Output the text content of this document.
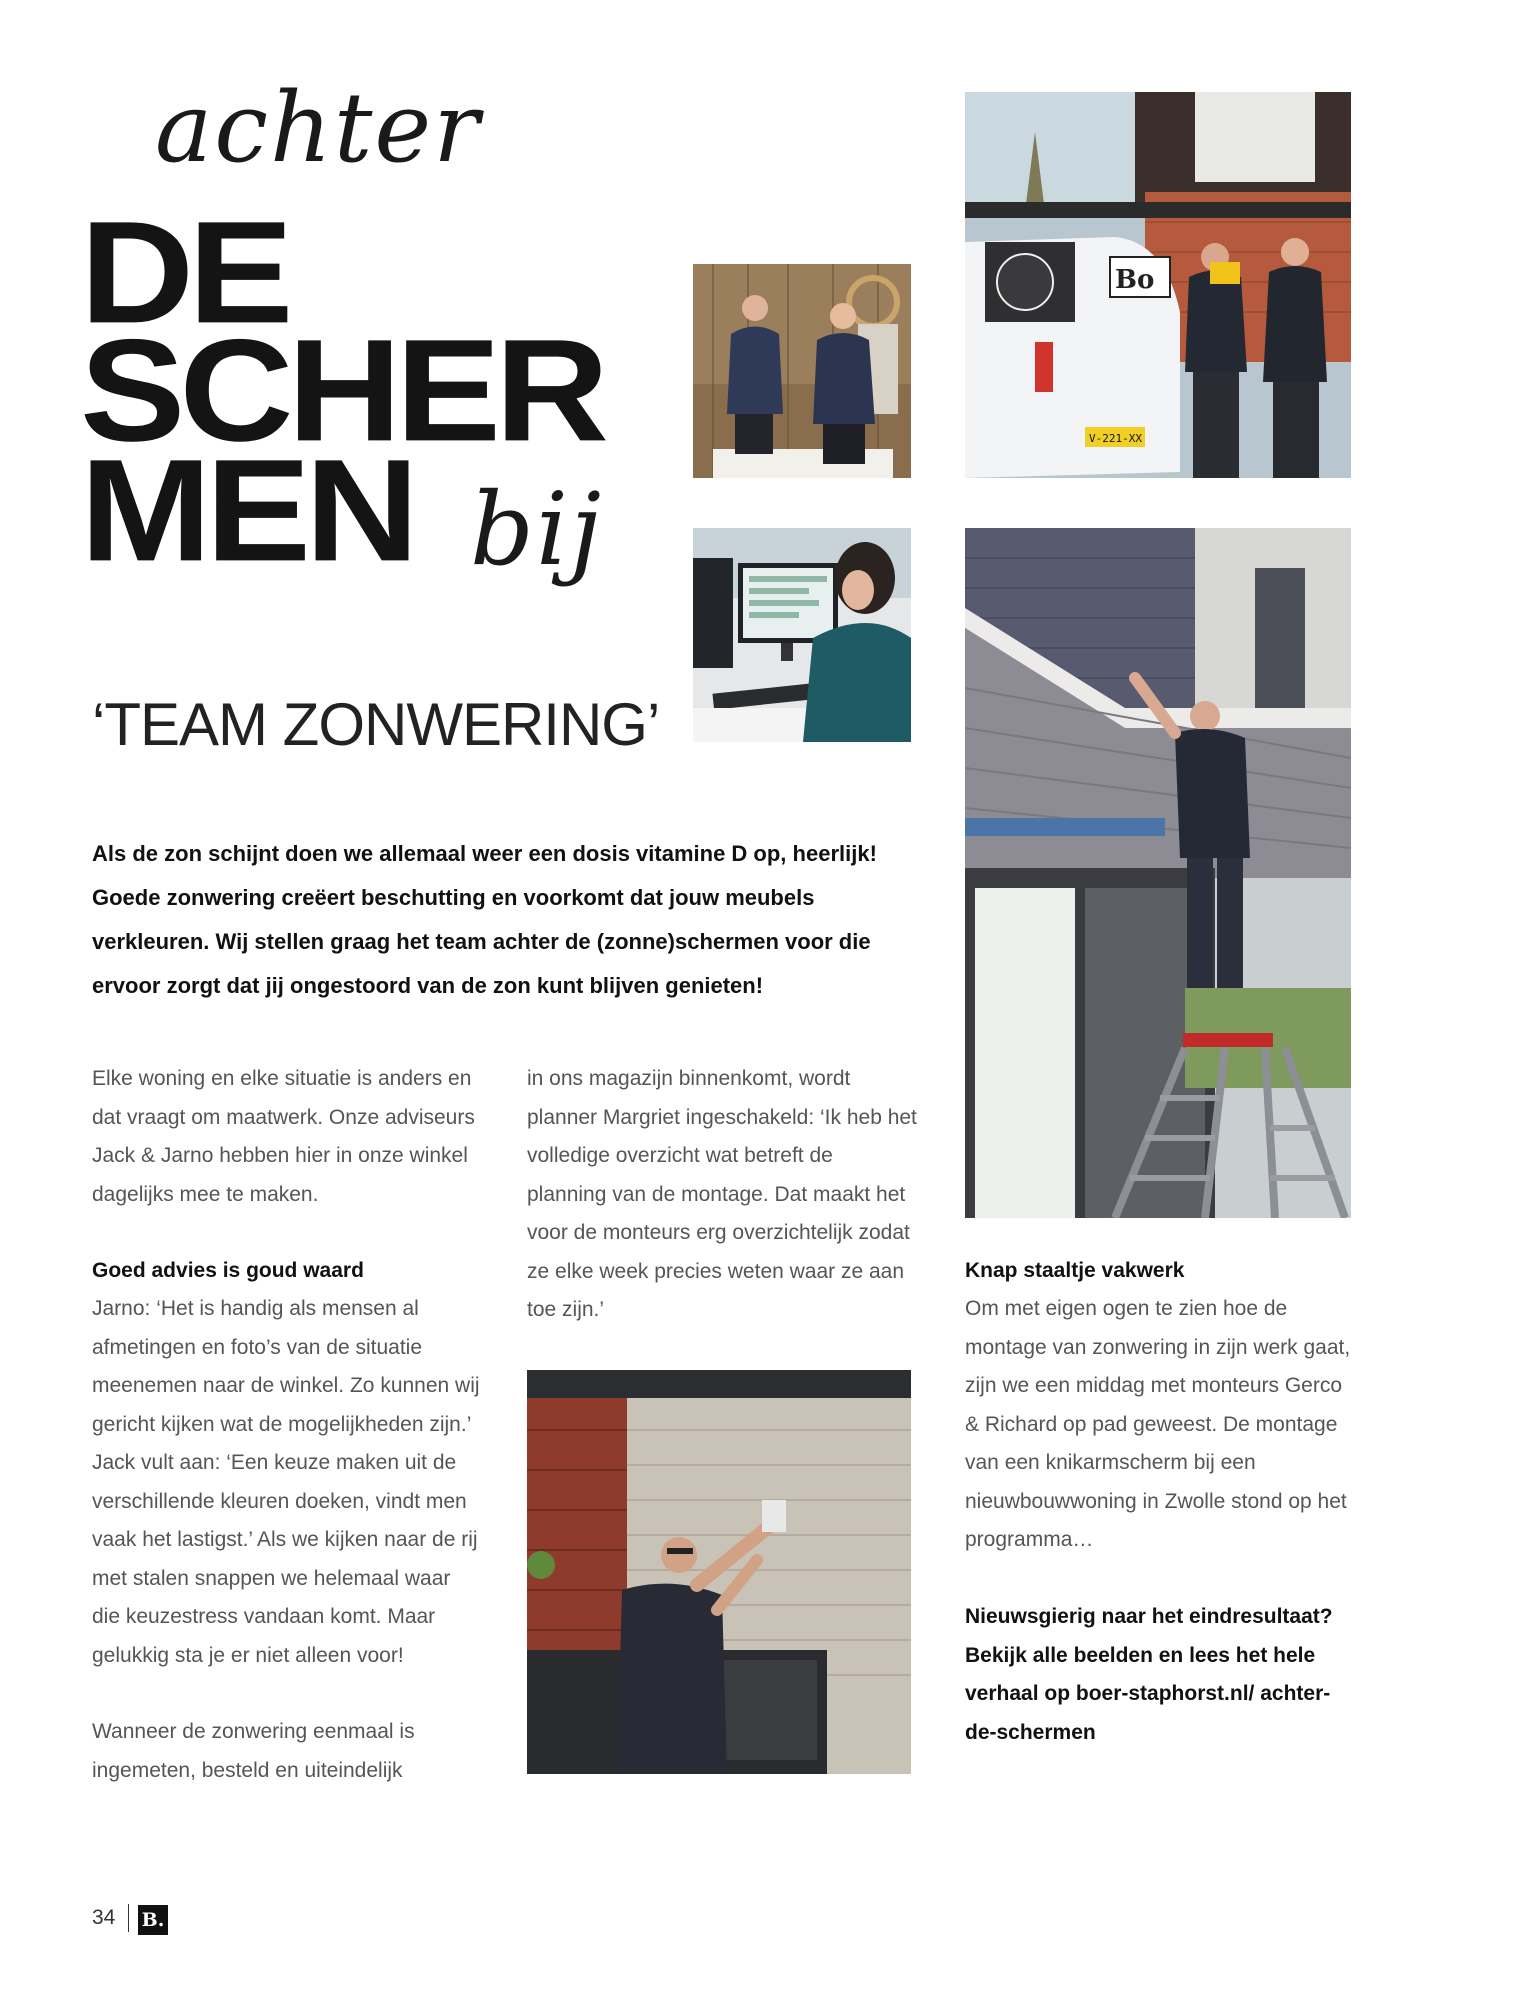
achter
DE
SCHER
MEN bij
‘TEAM ZONWERING’
Bo
V-221-XX
Als de zon schijnt doen we allemaal weer een dosis vitamine D op, heerlijk! Goede zonwering creëert beschutting en voorkomt dat jouw meubels verkleuren. Wij stellen graag het team achter de (zonne)schermen voor die ervoor zorgt dat jij ongestoord van de zon kunt blijven genieten!
Elke woning en elke situatie is anders en dat vraagt om maatwerk. Onze adviseurs Jack & Jarno hebben hier in onze winkel dagelijks mee te maken.
Goed advies is goud waard
Jarno: ‘Het is handig als mensen al afmetingen en foto’s van de situatie meenemen naar de winkel. Zo kunnen wij gericht kijken wat de mogelijkheden zijn.’ Jack vult aan: ‘Een keuze maken uit de verschillende kleuren doeken, vindt men vaak het lastigst.’ Als we kijken naar de rij met stalen snappen we helemaal waar die keuzestress vandaan komt. Maar gelukkig sta je er niet alleen voor!
Wanneer de zonwering eenmaal is ingemeten, besteld en uiteindelijk
in ons magazijn binnenkomt, wordt planner Margriet ingeschakeld: ‘Ik heb het volledige overzicht wat betreft de planning van de montage. Dat maakt het voor de monteurs erg overzichtelijk zodat ze elke week precies weten waar ze aan toe zijn.’
Knap staaltje vakwerk
Om met eigen ogen te zien hoe de montage van zonwering in zijn werk gaat, zijn we een middag met monteurs Gerco & Richard op pad geweest. De montage van een knikarmscherm bij een nieuwbouwwoning in Zwolle stond op het programma…
Nieuwsgierig naar het eindresultaat? Bekijk alle beelden en lees het hele verhaal op boer-staphorst.nl/ achter-de-schermen
34 B.
